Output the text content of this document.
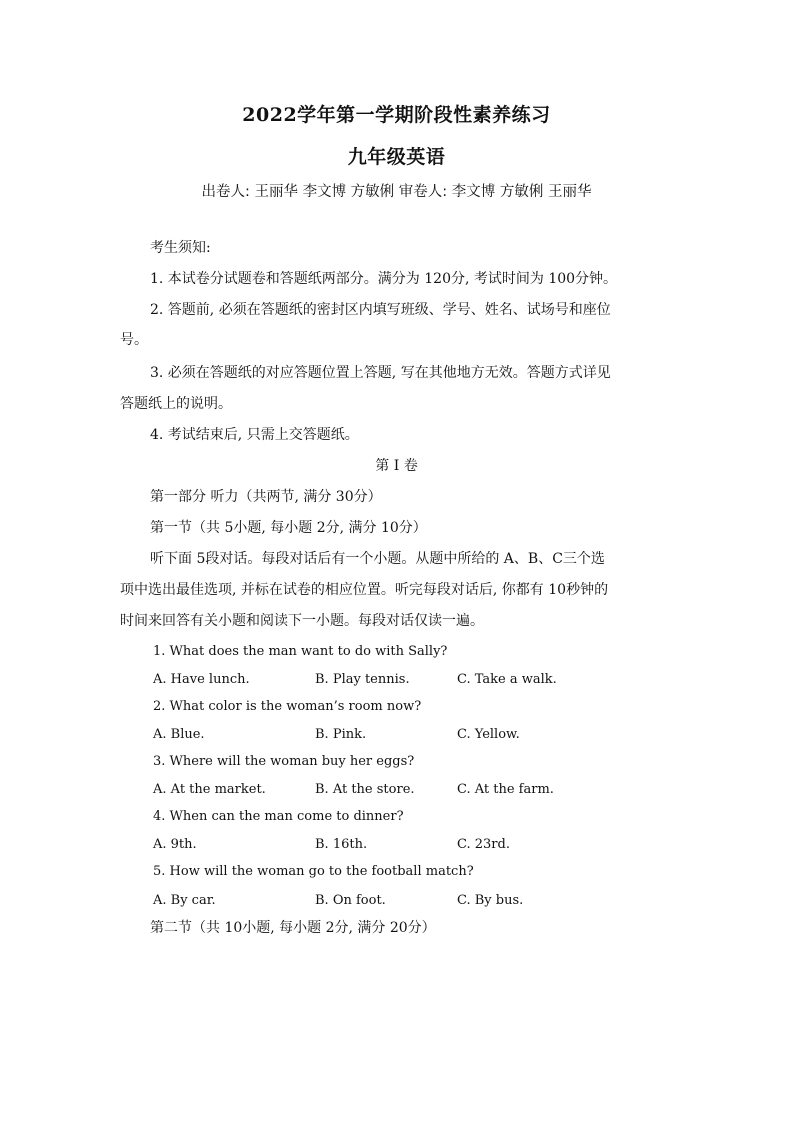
2022学年第一学期阶段性素养练习
九年级英语
出卷人: 王丽华 李文博 方敏俐 审卷人: 李文博 方敏俐 王丽华
考生须知:
1. 本试卷分试题卷和答题纸两部分。满分为 120分, 考试时间为 100分钟。
2. 答题前, 必须在答题纸的密封区内填写班级、学号、姓名、试场号和座位
号。
3. 必须在答题纸的对应答题位置上答题, 写在其他地方无效。答题方式详见
答题纸上的说明。
4. 考试结束后, 只需上交答题纸。
第 I 卷
第一部分 听力（共两节, 满分 30分）
第一节（共 5小题, 每小题 2分, 满分 10分）
听下面 5段对话。每段对话后有一个小题。从题中所给的 A、B、C三个选
项中选出最佳选项, 并标在试卷的相应位置。听完每段对话后, 你都有 10秒钟的
时间来回答有关小题和阅读下一小题。每段对话仅读一遍。
1. What does the man want to do with Sally?
A. Have lunch.	B. Play tennis.	C. Take a walk.
2. What color is the woman’s room now?
A. Blue.	B. Pink.	C. Yellow.
3. Where will the woman buy her eggs?
A. At the market.	B. At the store.	C. At the farm.
4. When can the man come to dinner?
A. 9th.	B. 16th.	C. 23rd.
5. How will the woman go to the football match?
A. By car.	B. On foot.	C. By bus.
第二节（共 10小题, 每小题 2分, 满分 20分）
